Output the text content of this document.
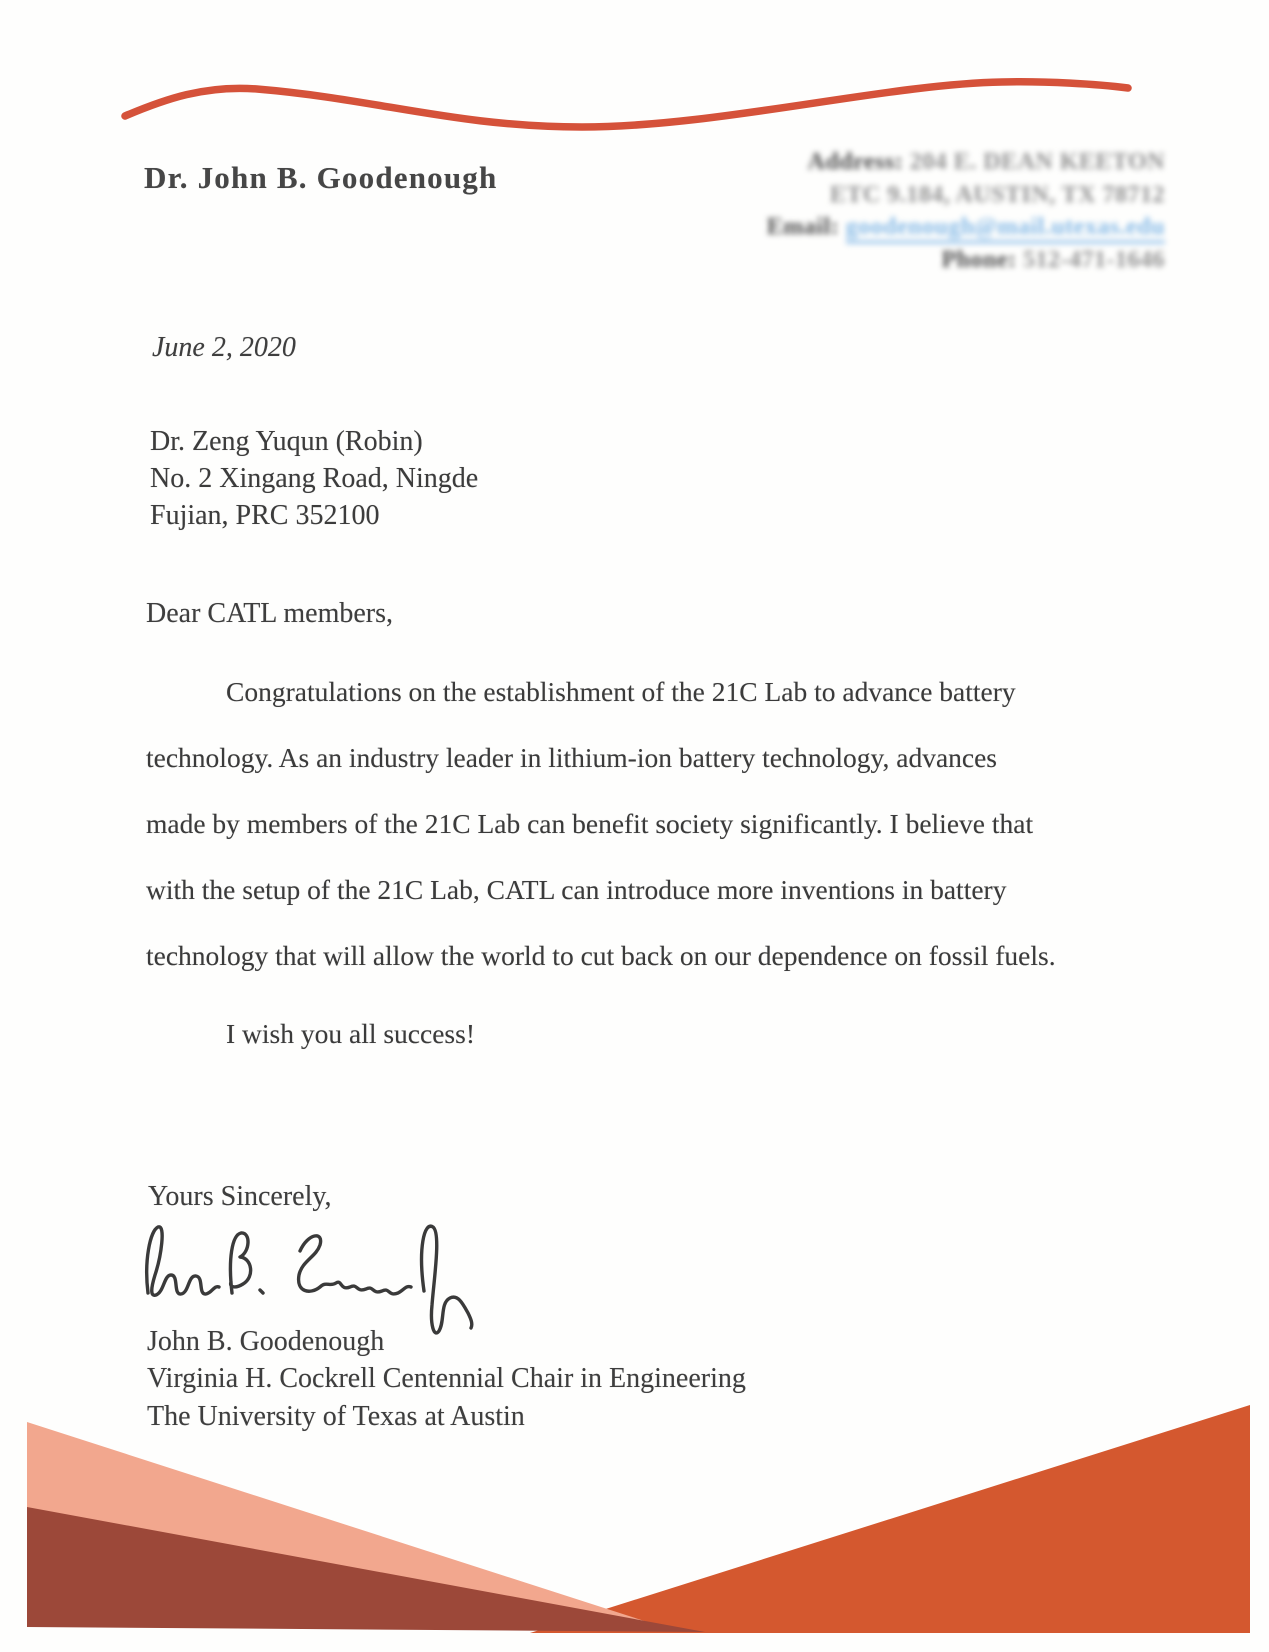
Dr. John B. Goodenough	Address: 204 E. DEAN KEETON
ETC 9.184, AUSTIN, TX 78712
Email: goodenough@mail.utexas.edu
Phone: 512-471-1646
June 2, 2020
Dr. Zeng Yuqun (Robin)
No. 2 Xingang Road, Ningde
Fujian, PRC 352100
Dear CATL members,
Congratulations on the establishment of the 21C Lab to advance battery
technology. As an industry leader in lithium-ion battery technology, advances
made by members of the 21C Lab can benefit society significantly. I believe that
with the setup of the 21C Lab, CATL can introduce more inventions in battery
technology that will allow the world to cut back on our dependence on fossil fuels.
I wish you all success!
Yours Sincerely,
John B. Goodenough
Virginia H. Cockrell Centennial Chair in Engineering
The University of Texas at Austin
